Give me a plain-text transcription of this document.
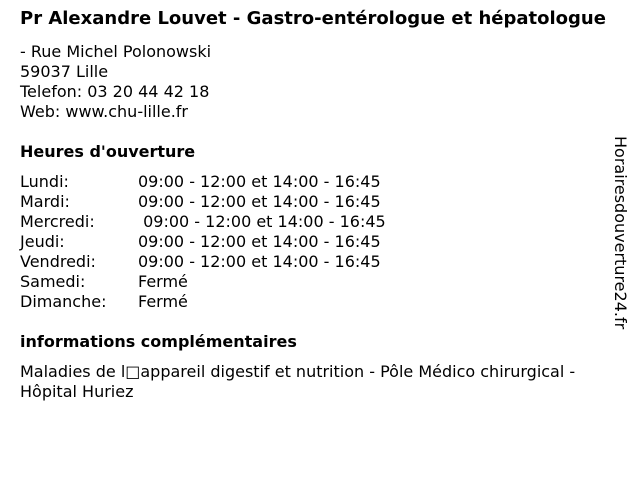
Pr Alexandre Louvet - Gastro-entérologue et hépatologue
- Rue Michel Polonowski
59037 Lille
Telefon: 03 20 44 42 18
Web: www.chu-lille.fr
Heures d'ouverture
Lundi:	09:00 - 12:00 et 14:00 - 16:45
Mardi:	09:00 - 12:00 et 14:00 - 16:45
Mercredi:	09:00 - 12:00 et 14:00 - 16:45
Jeudi:	09:00 - 12:00 et 14:00 - 16:45
Vendredi:	09:00 - 12:00 et 14:00 - 16:45
Samedi:	Fermé
Dimanche:	Fermé
informations complémentaires
Maladies de l□appareil digestif et nutrition - Pôle Médico chirurgical - Hôpital Huriez
Horairesdouverture24.fr
